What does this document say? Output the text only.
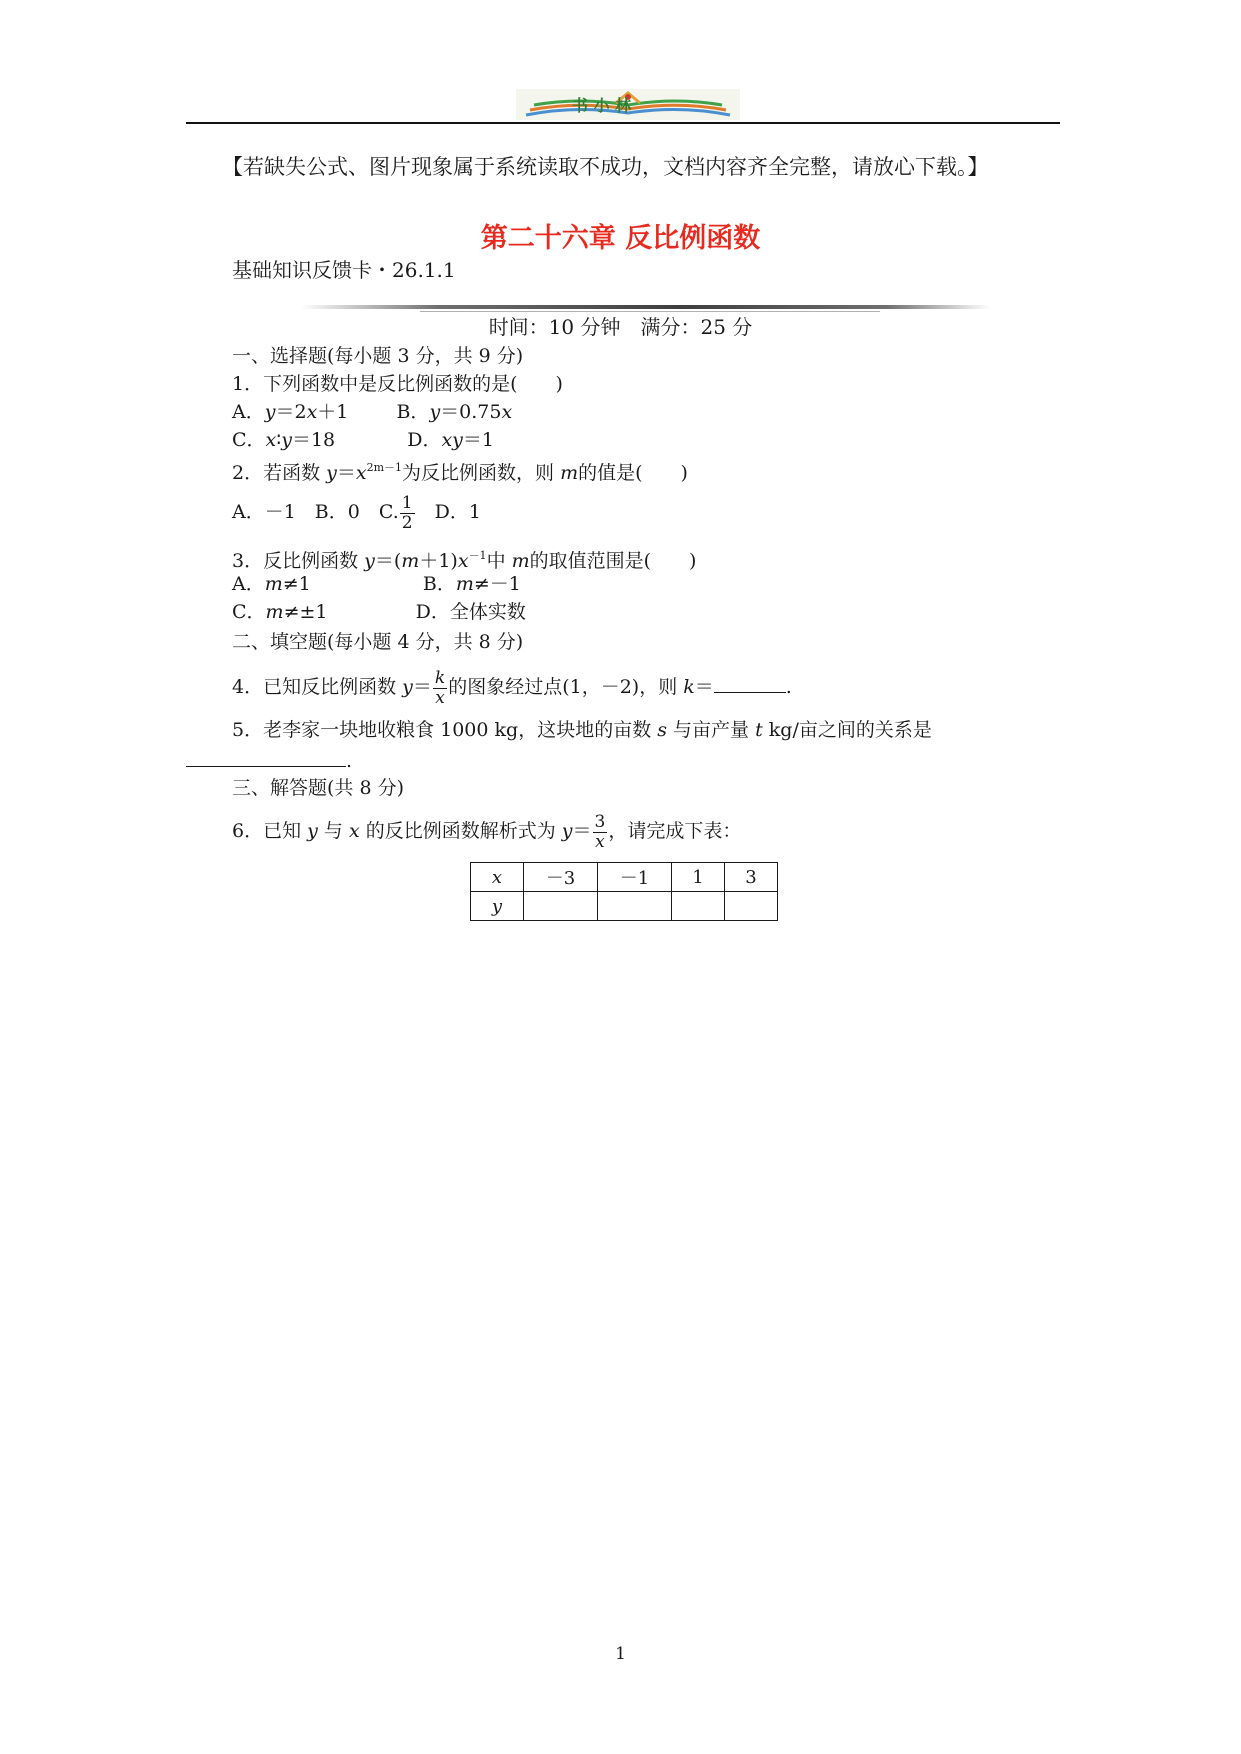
书 小 林
【若缺失公式、图片现象属于系统读取不成功，文档内容齐全完整，请放心下载。】
第二十六章 反比例函数
基础知识反馈卡・26.1.1
时间：10 分钟　满分：25 分
一、选择题(每小题 3 分，共 9 分)
1．下列函数中是反比例函数的是(　　)
A．y＝2x＋1	B．y＝0.75x
C．x∶y＝18	D．xy＝1
2．若函数 $y=x^{2m-1}$为反比例函数，则 m的值是(　　)
A．－1　B．0　C. $\frac{1}{2}$ 　D．1
3．反比例函数 $y=(m+1)x^{-1}$中 m的取值范围是(　　)
A．m≠1	B．m≠－1
C．m≠±1	D．全体实数
二、填空题(每小题 4 分，共 8 分)
4．已知反比例函数 $y= \frac{k}{x}$ 的图象经过点(1，－2)，则 k＝	.
5．老李家一块地收粮食 1000 kg，这块地的亩数 s 与亩产量 t kg/亩之间的关系是
.
三、解答题(共 8 分)
6．已知 y 与 x 的反比例函数解析式为 $y= \frac{3}{x}$ ，请完成下表：
x	－3	－1	1	3
y				
1
